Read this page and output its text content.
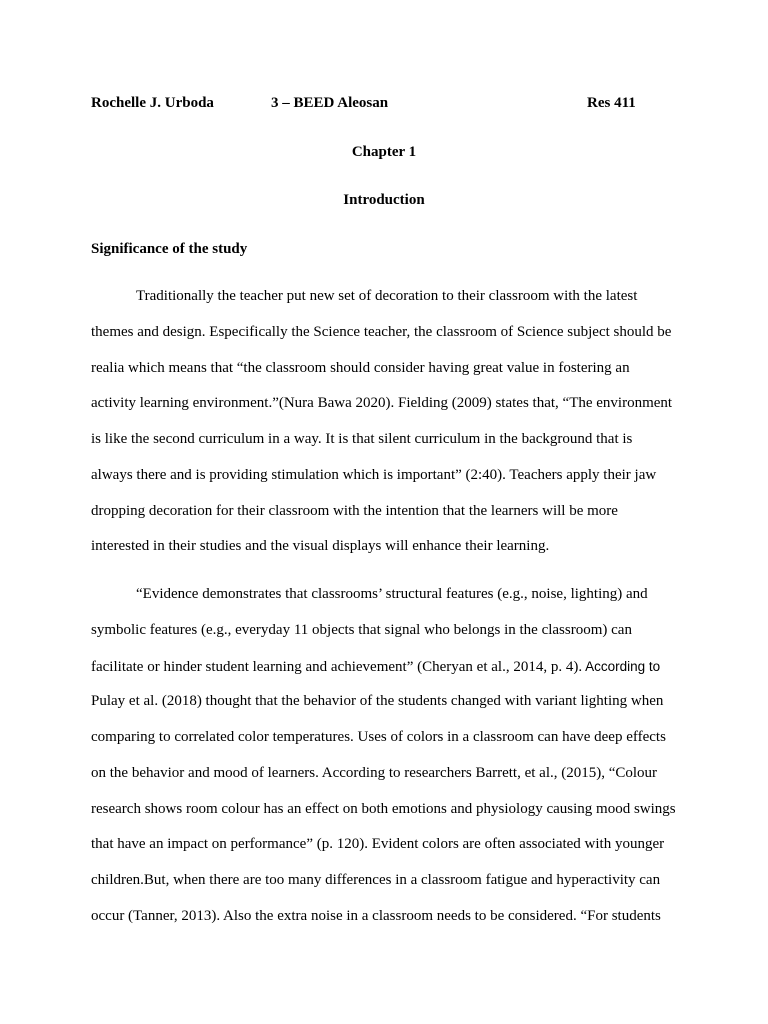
Rochelle J. Urboda	3 – BEED Aleosan	Res 411
Chapter 1
Introduction
Significance of the study
Traditionally the teacher put new set of decoration to their classroom with the latest
themes and design. Especifically the Science teacher, the classroom of Science subject should be
realia which means that “the classroom should consider having great value in fostering an
activity learning environment.”(Nura Bawa 2020). Fielding (2009) states that, “The environment
is like the second curriculum in a way. It is that silent curriculum in the background that is
always there and is providing stimulation which is important” (2:40). Teachers apply their jaw
dropping decoration for their classroom with the intention that the learners will be more
interested in their studies and the visual displays will enhance their learning.
“Evidence demonstrates that classrooms’ structural features (e.g., noise, lighting) and
symbolic features (e.g., everyday 11 objects that signal who belongs in the classroom) can
facilitate or hinder student learning and achievement” (Cheryan et al., 2014, p. 4). According to
Pulay et al. (2018) thought that the behavior of the students changed with variant lighting when
comparing to correlated color temperatures. Uses of colors in a classroom can have deep effects
on the behavior and mood of learners. According to researchers Barrett, et al., (2015), “Colour
research shows room colour has an effect on both emotions and physiology causing mood swings
that have an impact on performance” (p. 120). Evident colors are often associated with younger
children.But, when there are too many differences in a classroom fatigue and hyperactivity can
occur (Tanner, 2013). Also the extra noise in a classroom needs to be considered. “For students
